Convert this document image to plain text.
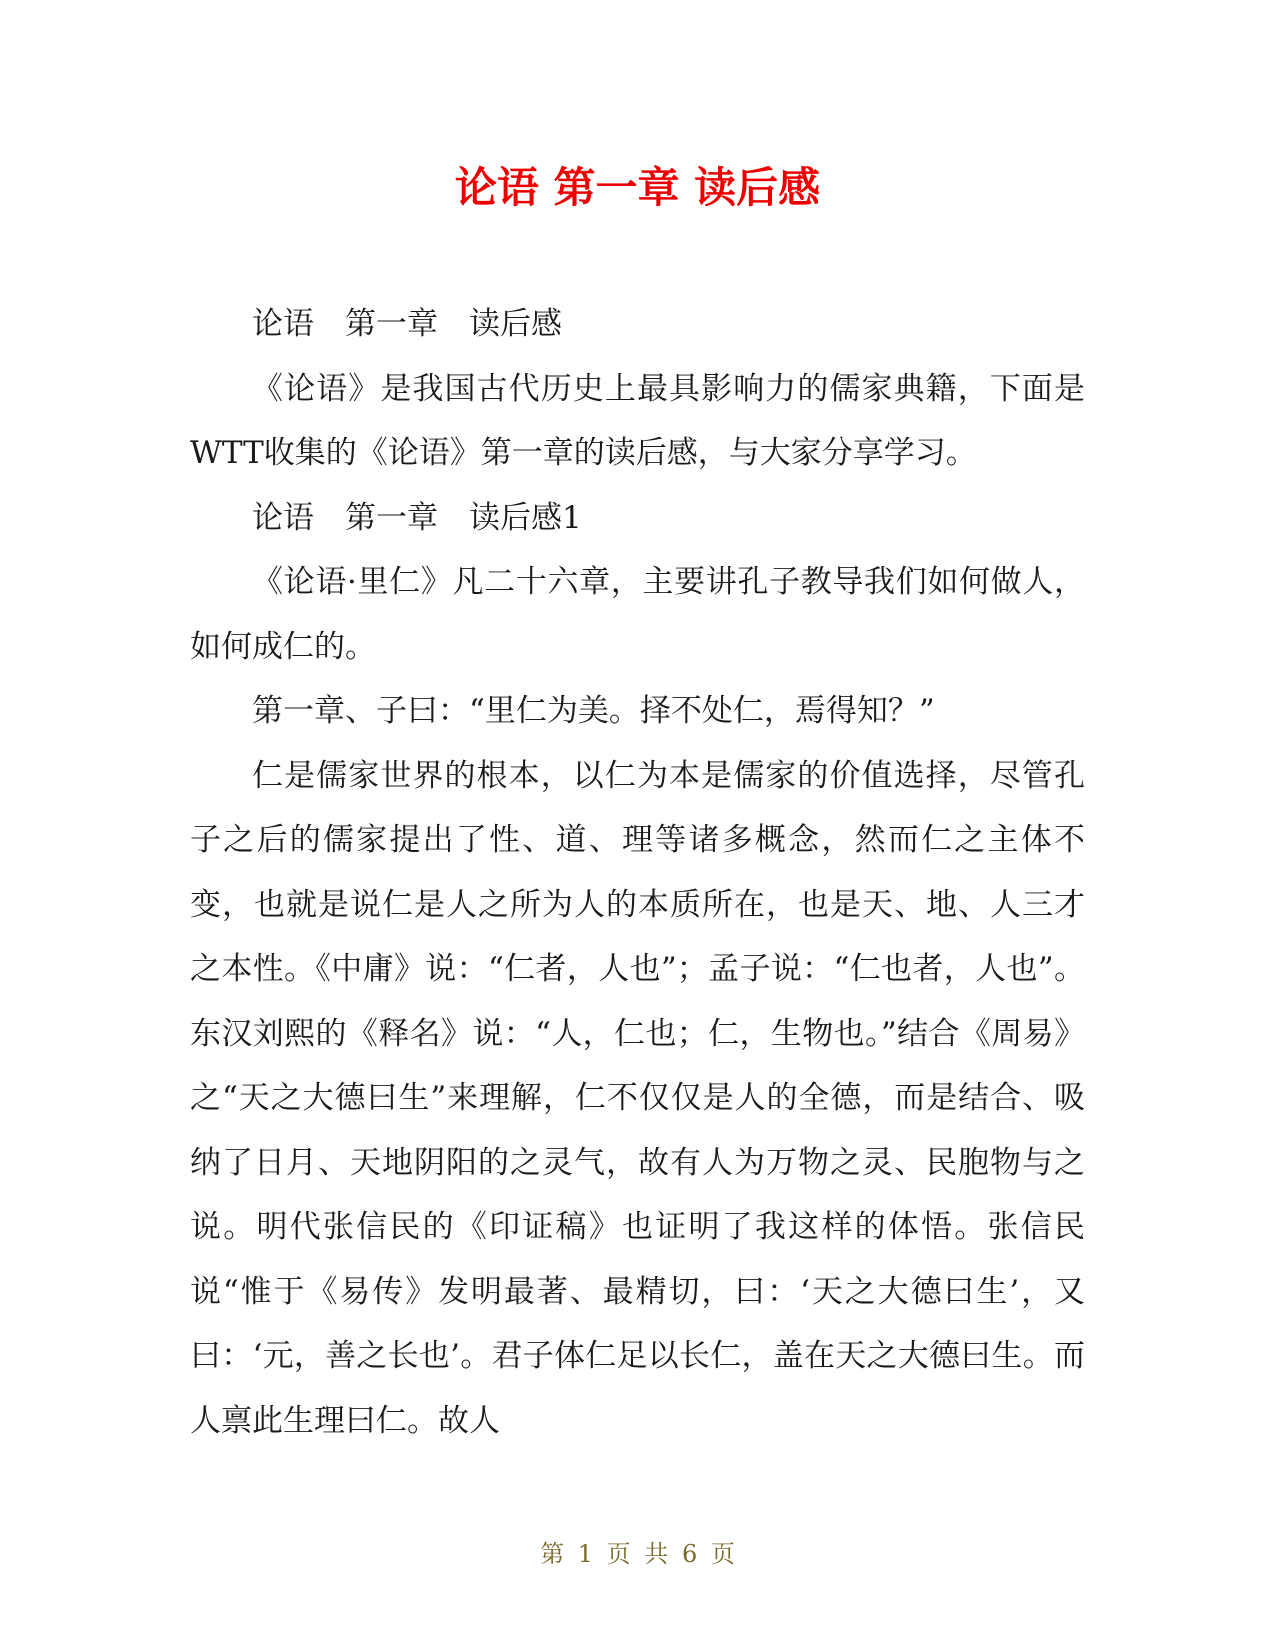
论语 第一章 读后感

论语　第一章　读后感

《论语》是我国古代历史上最具影响力的儒家典籍，下面是WTT收集的《论语》第一章的读后感，与大家分享学习。

论语　第一章　读后感1

《论语·里仁》凡二十六章，主要讲孔子教导我们如何做人，如何成仁的。

第一章、子曰：“里仁为美。择不处仁，焉得知？”

仁是儒家世界的根本，以仁为本是儒家的价值选择，尽管孔子之后的儒家提出了性、道、理等诸多概念，然而仁之主体不变，也就是说仁是人之所为人的本质所在，也是天、地、人三才之本性。《中庸》说：“仁者，人也”；孟子说：“仁也者，人也”。东汉刘熙的《释名》说：“人，仁也；仁，生物也。”结合《周易》之“天之大德曰生”来理解，仁不仅仅是人的全德，而是结合、吸纳了日月、天地阴阳的之灵气，故有人为万物之灵、民胞物与之说。明代张信民的《印证稿》也证明了我这样的体悟。张信民说“惟于《易传》发明最著、最精切，曰：‘天之大德曰生’，又曰：‘元，善之长也’。君子体仁足以长仁，盖在天之大德曰生。而人禀此生理曰仁。故人

第 1 页 共 6 页
